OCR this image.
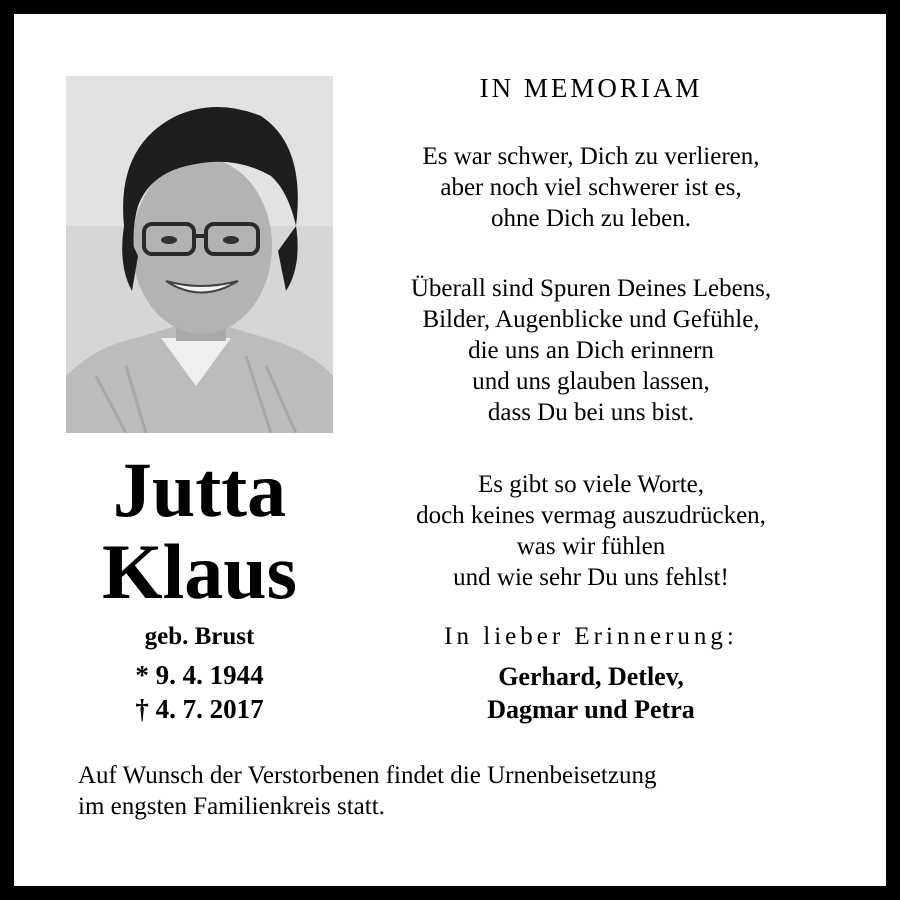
Jutta
Klaus
geb. Brust
* 9. 4. 1944
† 4. 7. 2017
IN MEMORIAM
Es war schwer, Dich zu verlieren,
aber noch viel schwerer ist es,
ohne Dich zu leben.
Überall sind Spuren Deines Lebens,
Bilder, Augenblicke und Gefühle,
die uns an Dich erinnern
und uns glauben lassen,
dass Du bei uns bist.
Es gibt so viele Worte,
doch keines vermag auszudrücken,
was wir fühlen
und wie sehr Du uns fehlst!
In lieber Erinnerung:
Gerhard, Detlev,
Dagmar und Petra
Auf Wunsch der Verstorbenen findet die Urnenbeisetzung
im engsten Familienkreis statt.
